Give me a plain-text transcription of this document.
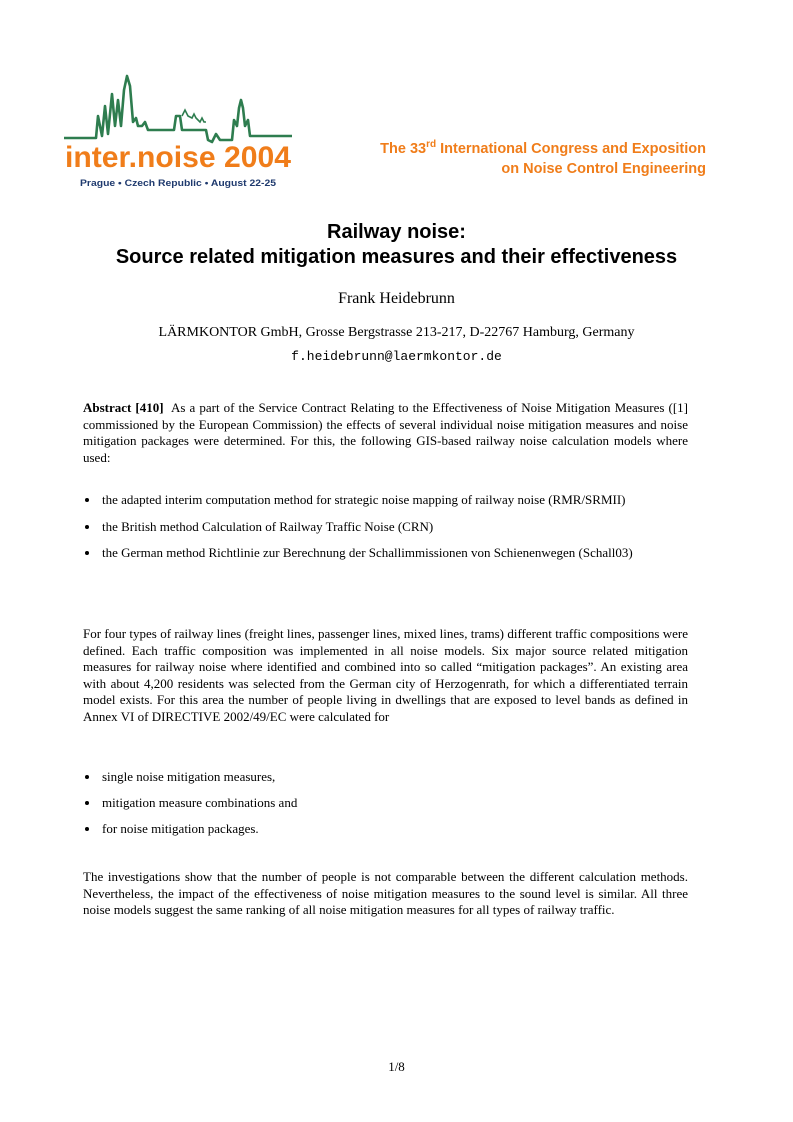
inter.noise 2004
Prague • Czech Republic • August 22-25
The 33rd International Congress and Exposition
on Noise Control Engineering
Railway noise:
Source related mitigation measures and their effectiveness
Frank Heidebrunn
LÄRMKONTOR GmbH, Grosse Bergstrasse 213-217, D-22767 Hamburg, Germany
f.heidebrunn@laermkontor.de
Abstract [410] As a part of the Service Contract Relating to the Effectiveness of Noise Mitigation Measures ([1] commissioned by the European Commission) the effects of several individual noise mitigation measures and noise mitigation packages were determined. For this, the following GIS-based railway noise calculation models where used:
the adapted interim computation method for strategic noise mapping of railway noise (RMR/SRMII)
the British method Calculation of Railway Traffic Noise (CRN)
the German method Richtlinie zur Berechnung der Schallimmissionen von Schienenwegen (Schall03)
For four types of railway lines (freight lines, passenger lines, mixed lines, trams) different traffic compositions were defined. Each traffic composition was implemented in all noise models. Six major source related mitigation measures for railway noise where identified and combined into so called “mitigation packages”. An existing area with about 4,200 residents was selected from the German city of Herzogenrath, for which a differentiated terrain model exists. For this area the number of people living in dwellings that are exposed to level bands as defined in Annex VI of DIRECTIVE 2002/49/EC were calculated for
single noise mitigation measures,
mitigation measure combinations and
for noise mitigation packages.
The investigations show that the number of people is not comparable between the different calculation methods. Nevertheless, the impact of the effectiveness of noise mitigation measures to the sound level is similar. All three noise models suggest the same ranking of all noise mitigation measures for all types of railway traffic.
1/8
